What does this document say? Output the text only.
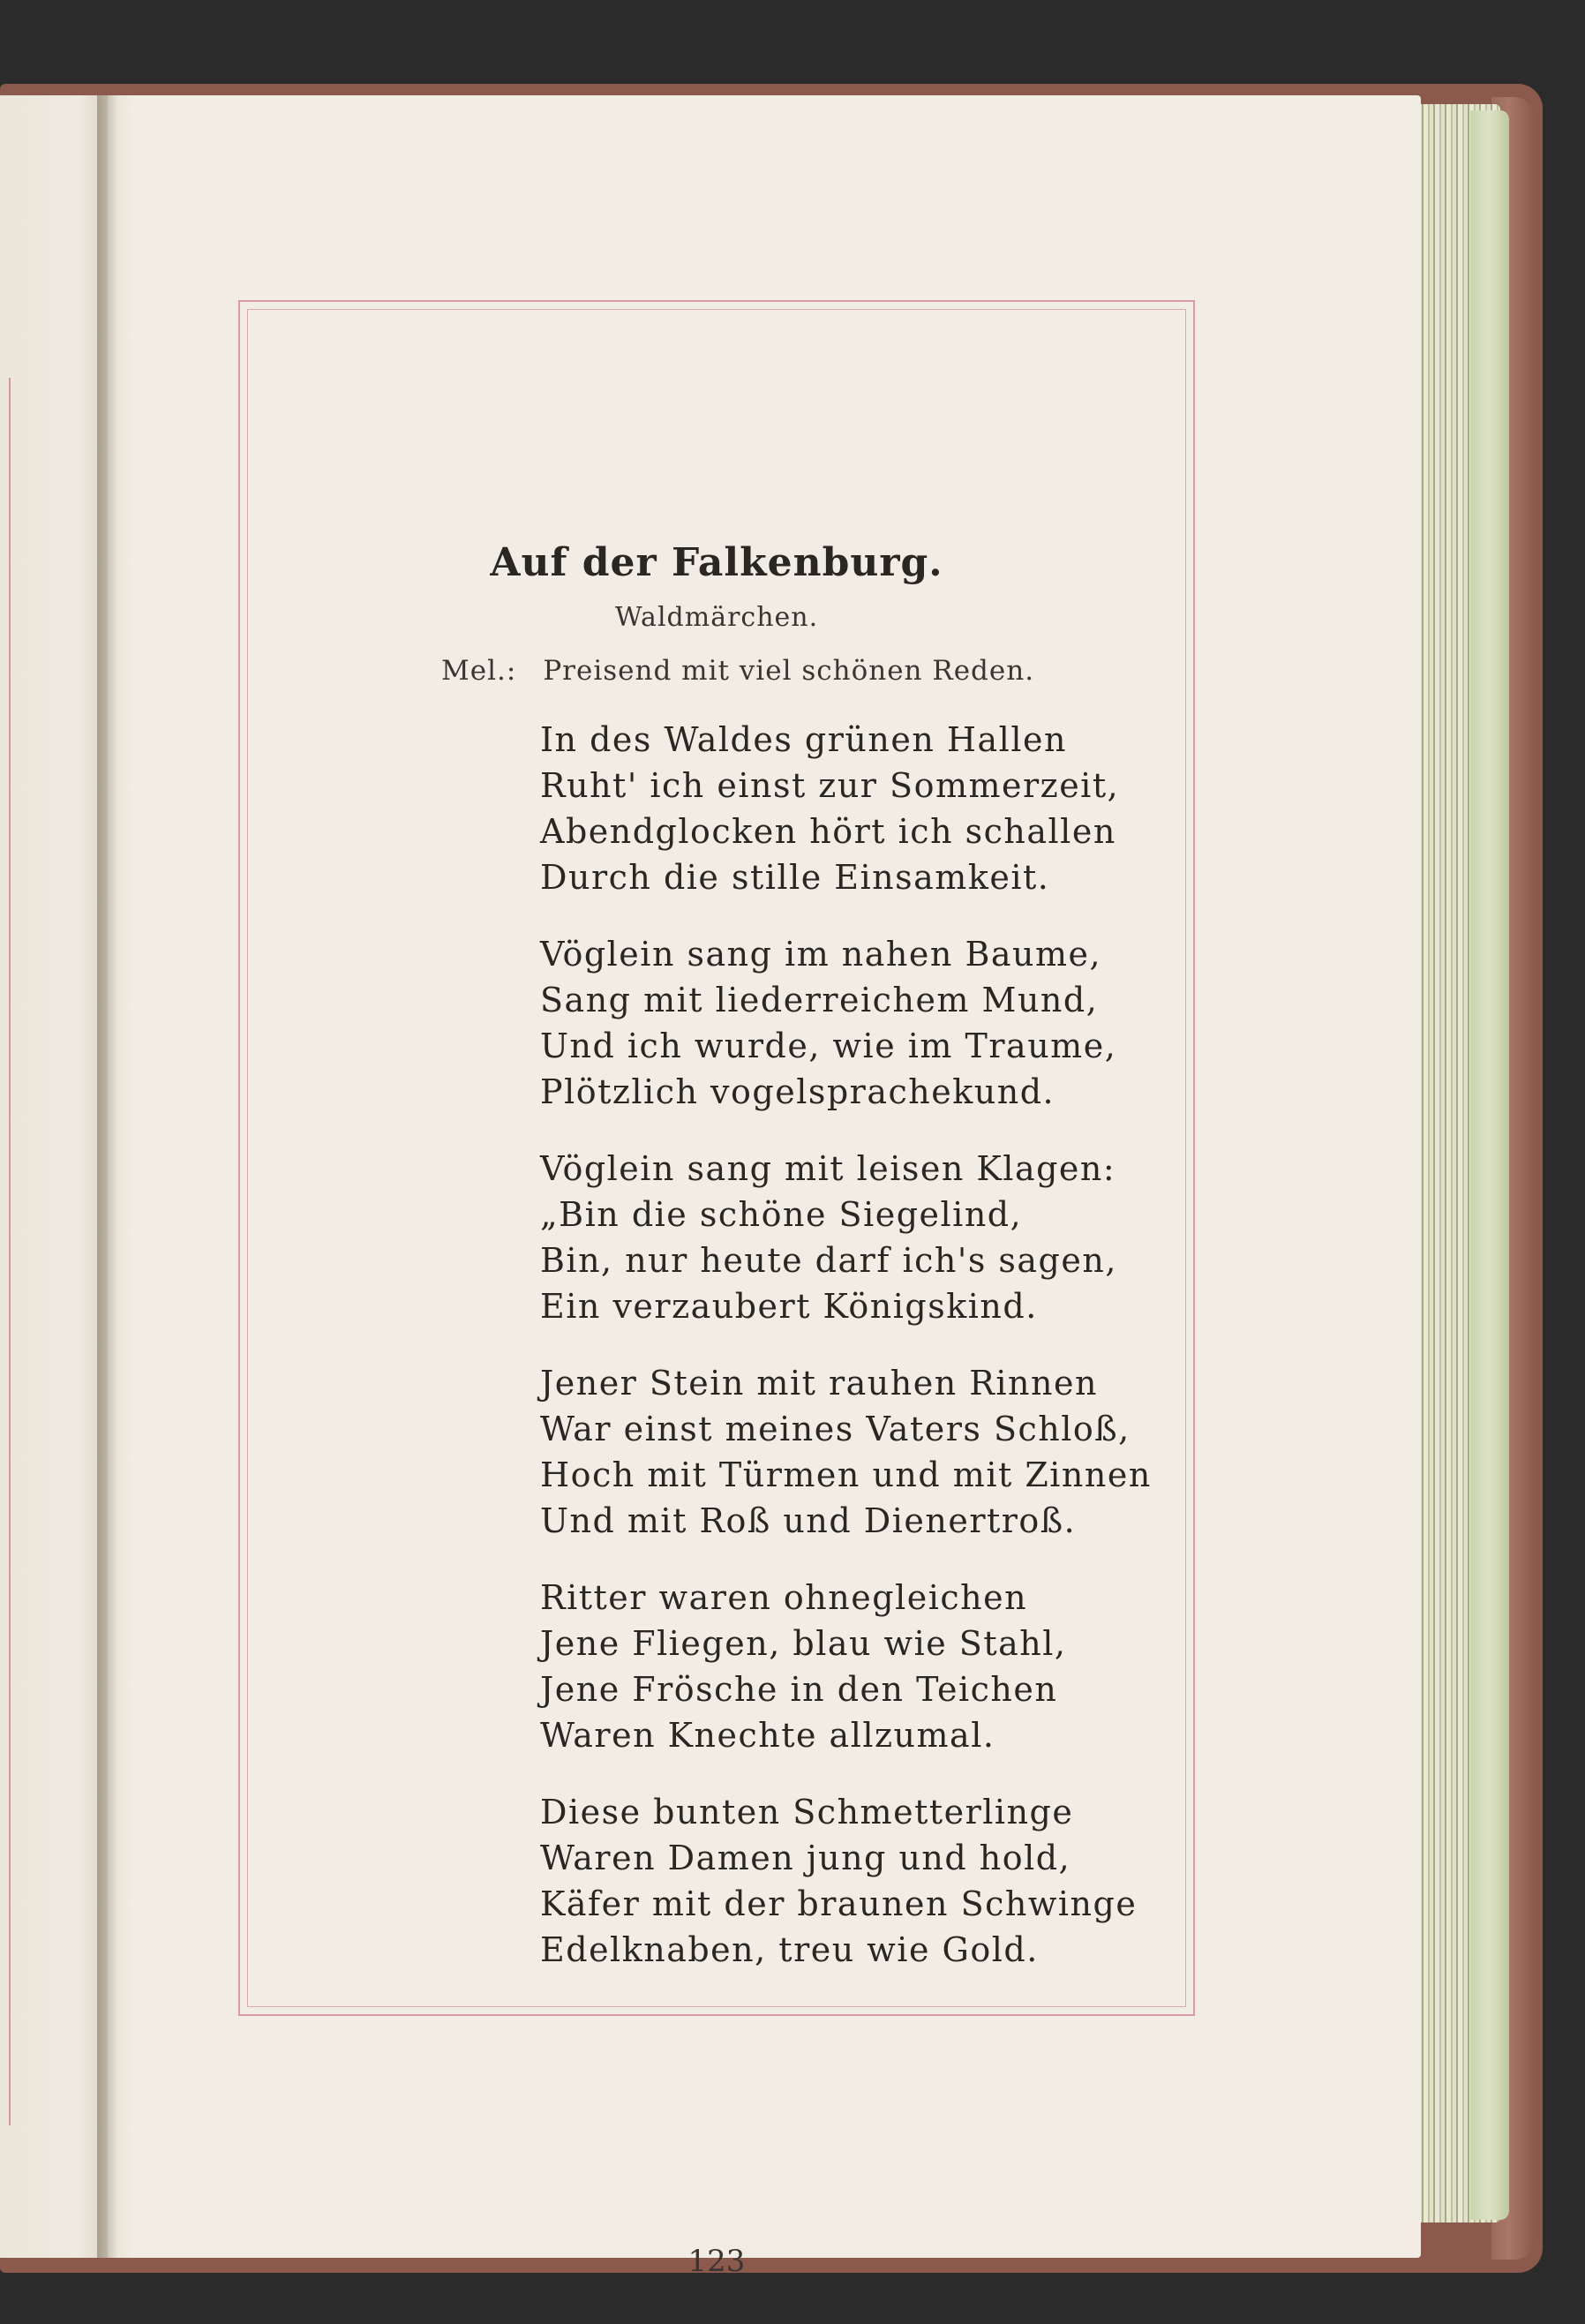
Auf der Falkenburg.
Waldmärchen.
Mel.: Preisend mit viel schönen Reden.
In des Waldes grünen Hallen
Ruht' ich einst zur Sommerzeit,
Abendglocken hört ich schallen
Durch die stille Einsamkeit.
Vöglein sang im nahen Baume,
Sang mit liederreichem Mund,
Und ich wurde, wie im Traume,
Plötzlich vogelsprachekund.
Vöglein sang mit leisen Klagen:
„Bin die schöne Siegelind,
Bin, nur heute darf ich's sagen,
Ein verzaubert Königskind.
Jener Stein mit rauhen Rinnen
War einst meines Vaters Schloß,
Hoch mit Türmen und mit Zinnen
Und mit Roß und Dienertroß.
Ritter waren ohnegleichen
Jene Fliegen, blau wie Stahl,
Jene Frösche in den Teichen
Waren Knechte allzumal.
Diese bunten Schmetterlinge
Waren Damen jung und hold,
Käfer mit der braunen Schwinge
Edelknaben, treu wie Gold.
123
